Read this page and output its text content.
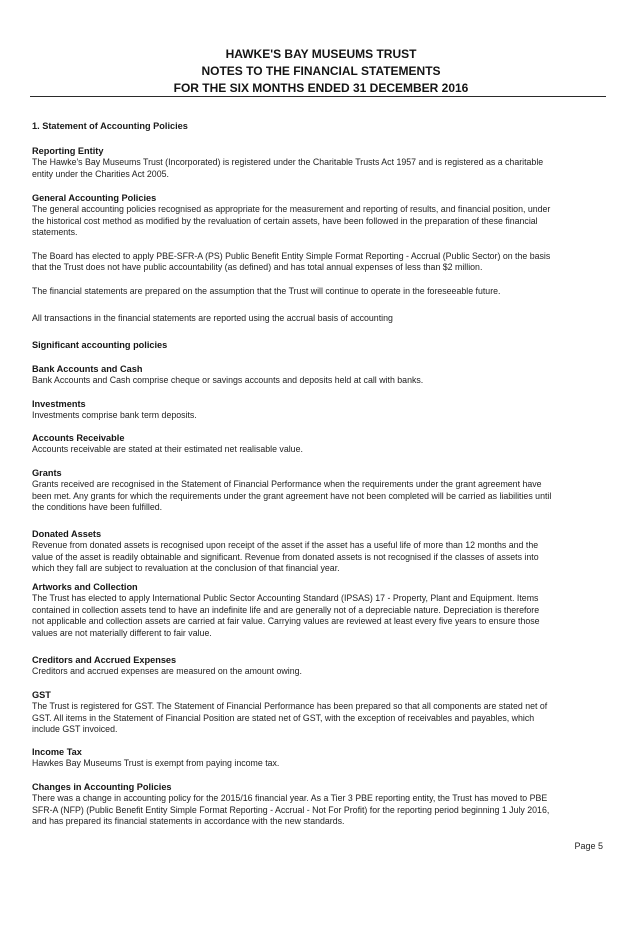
HAWKE'S BAY MUSEUMS TRUST
NOTES TO THE FINANCIAL STATEMENTS
FOR THE SIX MONTHS ENDED 31 DECEMBER 2016
1. Statement of Accounting Policies
Reporting Entity
The Hawke's Bay Museums Trust (Incorporated) is registered under the Charitable Trusts Act 1957 and is registered as a charitable
entity under the Charities Act 2005.
General Accounting Policies
The general accounting policies recognised as appropriate for the measurement and reporting of results, and financial position, under
the historical cost method as modified by the revaluation of certain assets, have been followed in the preparation of these financial
statements.
The Board has elected to apply PBE-SFR-A (PS) Public Benefit Entity Simple Format Reporting - Accrual (Public Sector) on the basis
that the Trust does not have public accountability (as defined) and has total annual expenses of less than $2 million.
The financial statements are prepared on the assumption that the Trust will continue to operate in the foreseeable future.
All transactions in the financial statements are reported using the accrual basis of accounting
Significant accounting policies
Bank Accounts and Cash
Bank Accounts and Cash comprise cheque or savings accounts and deposits held at call with banks.
Investments
Investments comprise bank term deposits.
Accounts Receivable
Accounts receivable are stated at their estimated net realisable value.
Grants
Grants received are recognised in the Statement of Financial Performance when the requirements under the grant agreement have
been met. Any grants for which the requirements under the grant agreement have not been completed will be carried as liabilities until
the conditions have been fulfilled.
Donated Assets
Revenue from donated assets is recognised upon receipt of the asset if the asset has a useful life of more than 12 months and the
value of the asset is readily obtainable and significant. Revenue from donated assets is not recognised if the classes of assets into
which they fall are subject to revaluation at the conclusion of that financial year.
Artworks and Collection
The Trust has elected to apply International Public Sector Accounting Standard (IPSAS) 17 - Property, Plant and Equipment. Items
contained in collection assets tend to have an indefinite life and are generally not of a depreciable nature. Depreciation is therefore
not applicable and collection assets are carried at fair value. Carrying values are reviewed at least every five years to ensure those
values are not materially different to fair value.
Creditors and Accrued Expenses
Creditors and accrued expenses are measured on the amount owing.
GST
The Trust is registered for GST. The Statement of Financial Performance has been prepared so that all components are stated net of
GST. All items in the Statement of Financial Position are stated net of GST, with the exception of receivables and payables, which
include GST invoiced.
Income Tax
Hawkes Bay Museums Trust is exempt from paying income tax.
Changes in Accounting Policies
There was a change in accounting policy for the 2015/16 financial year. As a Tier 3 PBE reporting entity, the Trust has moved to PBE
SFR-A (NFP) (Public Benefit Entity Simple Format Reporting - Accrual - Not For Profit) for the reporting period beginning 1 July 2016,
and has prepared its financial statements in accordance with the new standards.
Page 5
